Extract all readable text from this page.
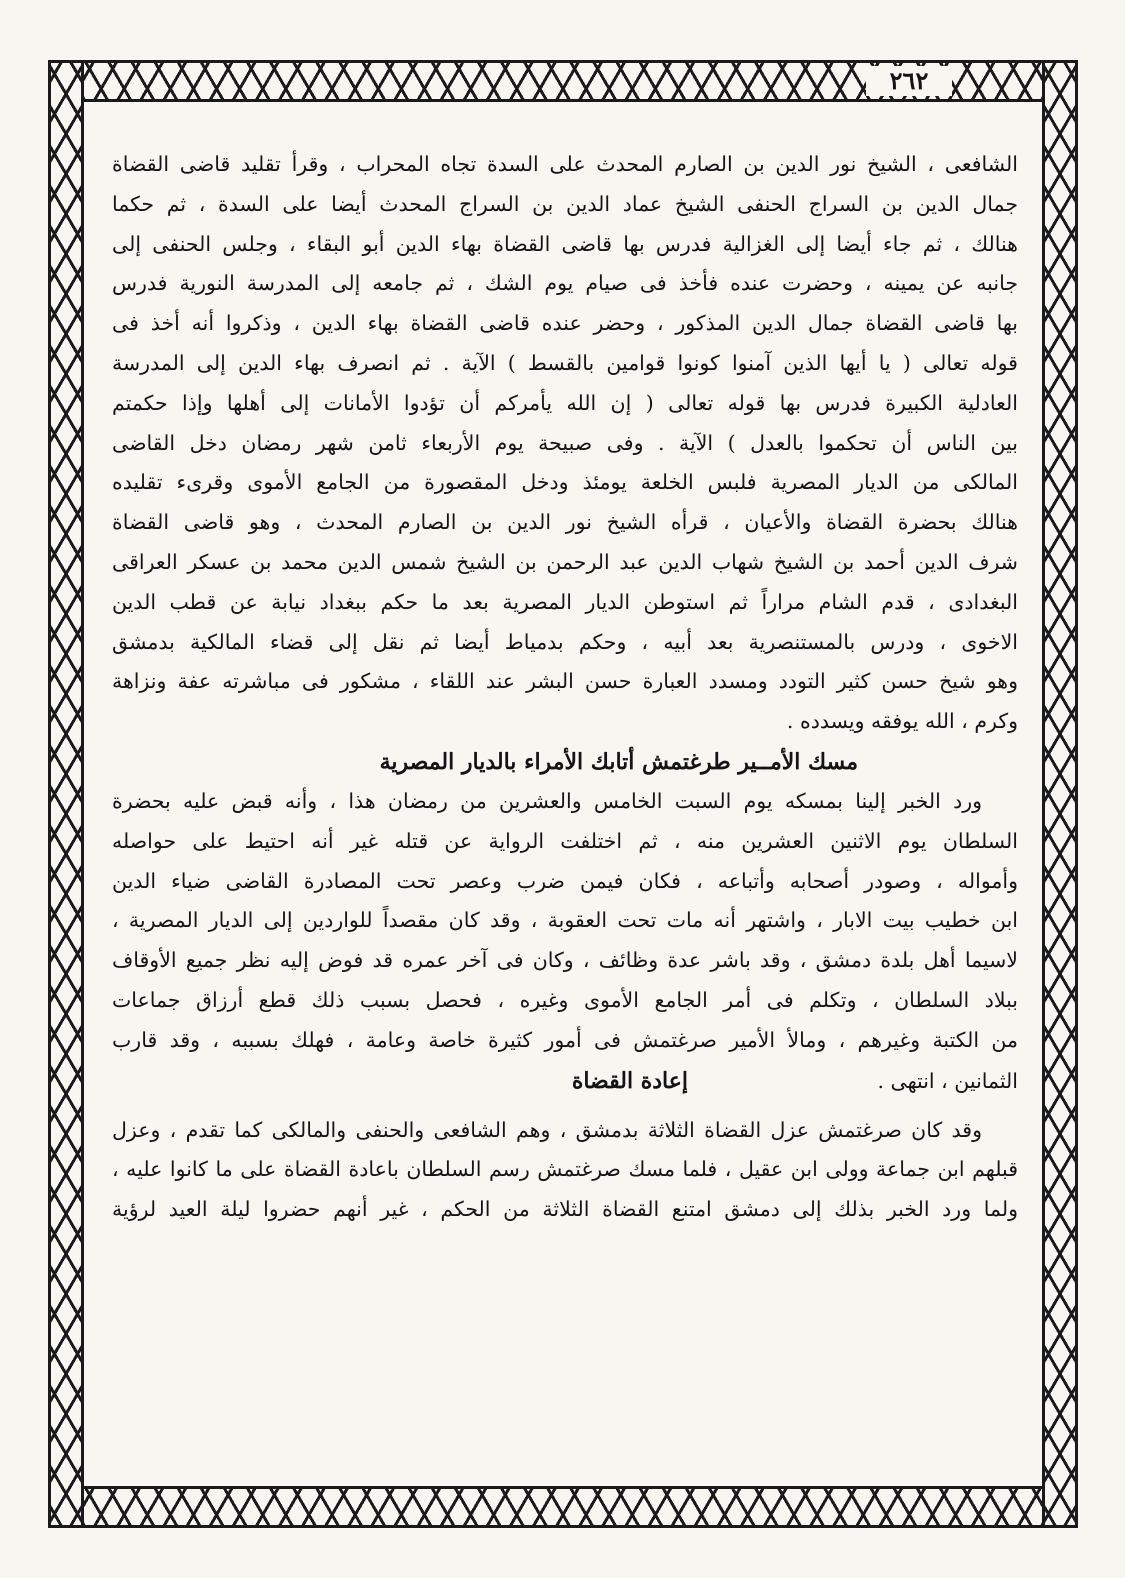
٢٦٢
الشافعى ، الشيخ نور الدين بن الصارم المحدث على السدة تجاه المحراب ، وقرأ تقليد قاضى القضاة
جمال الدين بن السراج الحنفى الشيخ عماد الدين بن السراج المحدث أيضا على السدة ، ثم حكما
هنالك ، ثم جاء أيضا إلى الغزالية فدرس بها قاضى القضاة بهاء الدين أبو البقاء ، وجلس الحنفى إلى
جانبه عن يمينه ، وحضرت عنده فأخذ فى صيام يوم الشك ، ثم جامعه إلى المدرسة النورية فدرس
بها قاضى القضاة جمال الدين المذكور ، وحضر عنده قاضى القضاة بهاء الدين ، وذكروا أنه أخذ فى
قوله تعالى ( يا أيها الذين آمنوا كونوا قوامين بالقسط ) الآية . ثم انصرف بهاء الدين إلى المدرسة
العادلية الكبيرة فدرس بها قوله تعالى ( إن الله يأمركم أن تؤدوا الأمانات إلى أهلها وإذا حكمتم
بين الناس أن تحكموا بالعدل ) الآية . وفى صبيحة يوم الأربعاء ثامن شهر رمضان دخل القاضى
المالكى من الديار المصرية فلبس الخلعة يومئذ ودخل المقصورة من الجامع الأموى وقرىء تقليده
هنالك بحضرة القضاة والأعيان ، قرأه الشيخ نور الدين بن الصارم المحدث ، وهو قاضى القضاة
شرف الدين أحمد بن الشيخ شهاب الدين عبد الرحمن بن الشيخ شمس الدين محمد بن عسكر العراقى
البغدادى ، قدم الشام مراراً ثم استوطن الديار المصرية بعد ما حكم ببغداد نيابة عن قطب الدين
الاخوى ، ودرس بالمستنصرية بعد أبيه ، وحكم بدمياط أيضا ثم نقل إلى قضاء المالكية بدمشق
وهو شيخ حسن كثير التودد ومسدد العبارة حسن البشر عند اللقاء ، مشكور فى مباشرته عفة ونزاهة
وكرم ، الله يوفقه ويسدده .
مسك الأمــير طرغتمش أتابك الأمراء بالديار المصرية
ورد الخبر إلينا بمسكه يوم السبت الخامس والعشرين من رمضان هذا ، وأنه قبض عليه بحضرة
السلطان يوم الاثنين العشرين منه ، ثم اختلفت الرواية عن قتله غير أنه احتيط على حواصله
وأمواله ، وصودر أصحابه وأتباعه ، فكان فيمن ضرب وعصر تحت المصادرة القاضى ضياء الدين
ابن خطيب بيت الابار ، واشتهر أنه مات تحت العقوبة ، وقد كان مقصداً للواردين إلى الديار المصرية ،
لاسيما أهل بلدة دمشق ، وقد باشر عدة وظائف ، وكان فى آخر عمره قد فوض إليه نظر جميع الأوقاف
ببلاد السلطان ، وتكلم فى أمر الجامع الأموى وغيره ، فحصل بسبب ذلك قطع أرزاق جماعات
من الكتبة وغيرهم ، ومالأ الأمير صرغتمش فى أمور كثيرة خاصة وعامة ، فهلك بسببه ، وقد قارب
الثمانين ، انتهى .
إعادة القضاة
وقد كان صرغتمش عزل القضاة الثلاثة بدمشق ، وهم الشافعى والحنفى والمالكى كما تقدم ، وعزل
قبلهم ابن جماعة وولى ابن عقيل ، فلما مسك صرغتمش رسم السلطان باعادة القضاة على ما كانوا عليه ،
ولما ورد الخبر بذلك إلى دمشق امتنع القضاة الثلاثة من الحكم ، غير أنهم حضروا ليلة العيد لرؤية
